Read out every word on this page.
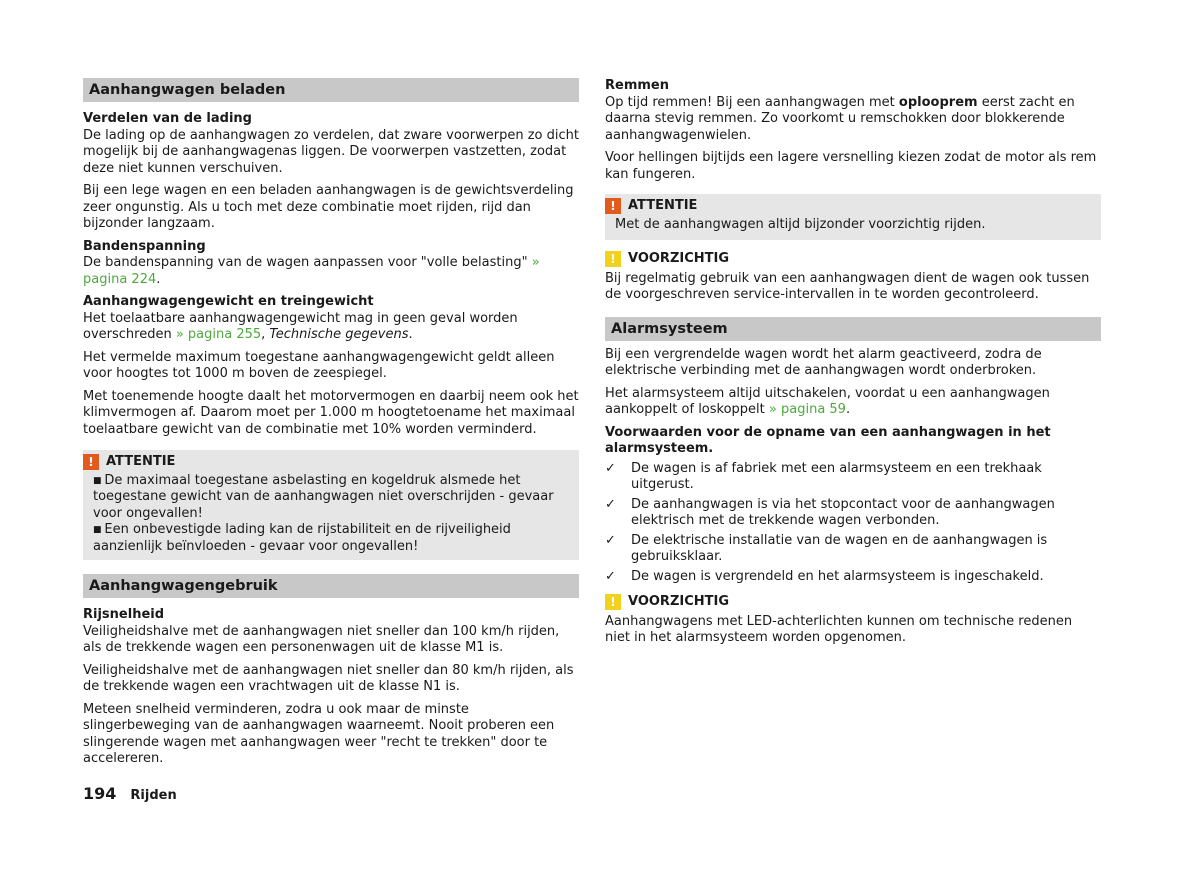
Aanhangwagen beladen
Verdelen van de lading

De lading op de aanhangwagen zo verdelen, dat zware voorwerpen zo dicht mogelijk bij de aanhangwagenas liggen. De voorwerpen vastzetten, zodat deze niet kunnen verschuiven.

Bij een lege wagen en een beladen aanhangwagen is de gewichtsverdeling zeer ongunstig. Als u toch met deze combinatie moet rijden, rijd dan bijzonder langzaam.

Bandenspanning

De bandenspanning van de wagen aanpassen voor "volle belasting" » pagina 224.

Aanhangwagengewicht en treingewicht

Het toelaatbare aanhangwagengewicht mag in geen geval worden overschreden » pagina 255, Technische gegevens.

Het vermelde maximum toegestane aanhangwagengewicht geldt alleen voor hoogtes tot 1000 m boven de zeespiegel.

Met toenemende hoogte daalt het motorvermogen en daarbij neem ook het klimvermogen af. Daarom moet per 1.000 m hoogtetoename het maximaal toelaatbare gewicht van de combinatie met 10% worden verminderd.

! ATTENTIE

■ De maximaal toegestane asbelasting en kogeldruk alsmede het toegestane gewicht van de aanhangwagen niet overschrijden - gevaar voor ongevallen!

■ Een onbevestigde lading kan de rijstabiliteit en de rijveiligheid aanzienlijk beïnvloeden - gevaar voor ongevallen!

Aanhangwagengebruik
Rijsnelheid

Veiligheidshalve met de aanhangwagen niet sneller dan 100 km/h rijden, als de trekkende wagen een personenwagen uit de klasse M1 is.

Veiligheidshalve met de aanhangwagen niet sneller dan 80 km/h rijden, als de trekkende wagen een vrachtwagen uit de klasse N1 is.

Meteen snelheid verminderen, zodra u ook maar de minste slingerbeweging van de aanhangwagen waarneemt. Nooit proberen een slingerende wagen met aanhangwagen weer "recht te trekken" door te accelereren.

Remmen

Op tijd remmen! Bij een aanhangwagen met oplooprem eerst zacht en daarna stevig remmen. Zo voorkomt u remschokken door blokkerende aanhangwagenwielen.

Voor hellingen bijtijds een lagere versnelling kiezen zodat de motor als rem kan fungeren.

! ATTENTIE

Met de aanhangwagen altijd bijzonder voorzichtig rijden.

! VOORZICHTIG

Bij regelmatig gebruik van een aanhangwagen dient de wagen ook tussen de voorgeschreven service-intervallen in te worden gecontroleerd.

Alarmsysteem

Bij een vergrendelde wagen wordt het alarm geactiveerd, zodra de elektrische verbinding met de aanhangwagen wordt onderbroken.

Het alarmsysteem altijd uitschakelen, voordat u een aanhangwagen aankoppelt of loskoppelt » pagina 59.

Voorwaarden voor de opname van een aanhangwagen in het alarmsysteem.

✓ De wagen is af fabriek met een alarmsysteem en een trekhaak uitgerust.
✓ De aanhangwagen is via het stopcontact voor de aanhangwagen elektrisch met de trekkende wagen verbonden.
✓ De elektrische installatie van de wagen en de aanhangwagen is gebruiksklaar.
✓ De wagen is vergrendeld en het alarmsysteem is ingeschakeld.
! VOORZICHTIG

Aanhangwagens met LED-achterlichten kunnen om technische redenen niet in het alarmsysteem worden opgenomen.

194 Rijden
